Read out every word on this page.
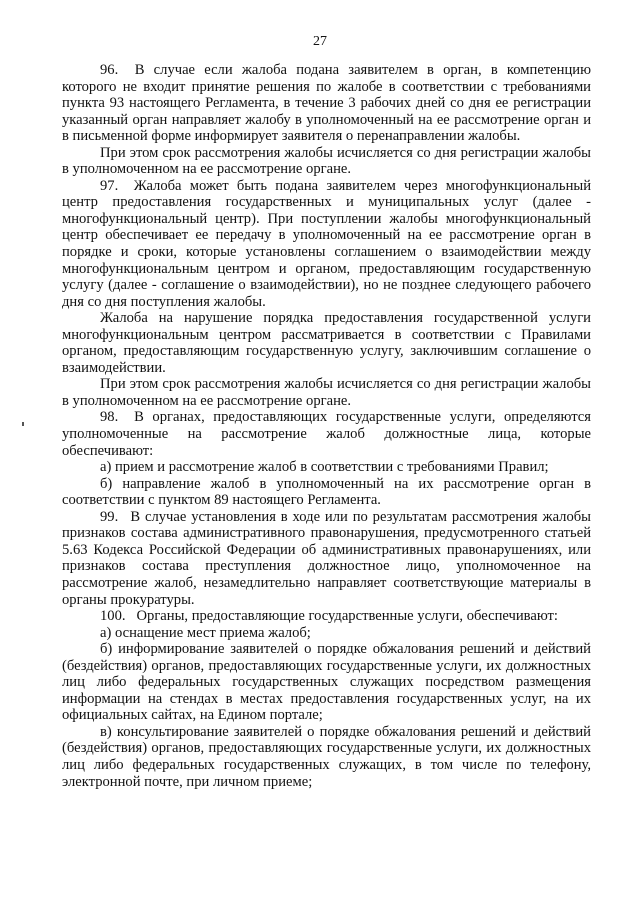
27

96.  В случае если жалоба подана заявителем в орган, в компетенцию которого не входит принятие решения по жалобе в соответствии с требованиями пункта 93 настоящего Регламента, в течение 3 рабочих дней со дня ее регистрации указанный орган направляет жалобу в уполномоченный на ее рассмотрение орган и в письменной форме информирует заявителя о перенаправлении жалобы.

При этом срок рассмотрения жалобы исчисляется со дня регистрации жалобы в уполномоченном на ее рассмотрение органе.

97.  Жалоба может быть подана заявителем через многофункциональный центр предоставления государственных и муниципальных услуг (далее - многофункциональный центр). При поступлении жалобы многофункциональный центр обеспечивает ее передачу в уполномоченный на ее рассмотрение орган в порядке и сроки, которые установлены соглашением о взаимодействии между многофункциональным центром и органом, предоставляющим государственную услугу (далее - соглашение о взаимодействии), но не позднее следующего рабочего дня со дня поступления жалобы.

Жалоба на нарушение порядка предоставления государственной услуги многофункциональным центром рассматривается в соответствии с Правилами органом, предоставляющим государственную услугу, заключившим соглашение о взаимодействии.

При этом срок рассмотрения жалобы исчисляется со дня регистрации жалобы в уполномоченном на ее рассмотрение органе.

98.  В органах, предоставляющих государственные услуги, определяются уполномоченные на рассмотрение жалоб должностные лица, которые обеспечивают:

а) прием и рассмотрение жалоб в соответствии с требованиями Правил;

б) направление жалоб в уполномоченный на их рассмотрение орган в соответствии с пунктом 89 настоящего Регламента.

99.  В случае установления в ходе или по результатам рассмотрения жалобы признаков состава административного правонарушения, предусмотренного статьей 5.63 Кодекса Российской Федерации об административных правонарушениях, или признаков состава преступления должностное лицо, уполномоченное на рассмотрение жалоб, незамедлительно направляет соответствующие материалы в органы прокуратуры.

100.  Органы, предоставляющие государственные услуги, обеспечивают:

а) оснащение мест приема жалоб;

б) информирование заявителей о порядке обжалования решений и действий (бездействия) органов, предоставляющих государственные услуги, их должностных лиц либо федеральных государственных служащих посредством размещения информации на стендах в местах предоставления государственных услуг, на их официальных сайтах, на Едином портале;

в) консультирование заявителей о порядке обжалования решений и действий (бездействия) органов, предоставляющих государственные услуги, их должностных лиц либо федеральных государственных служащих, в том числе по телефону, электронной почте, при личном приеме;
